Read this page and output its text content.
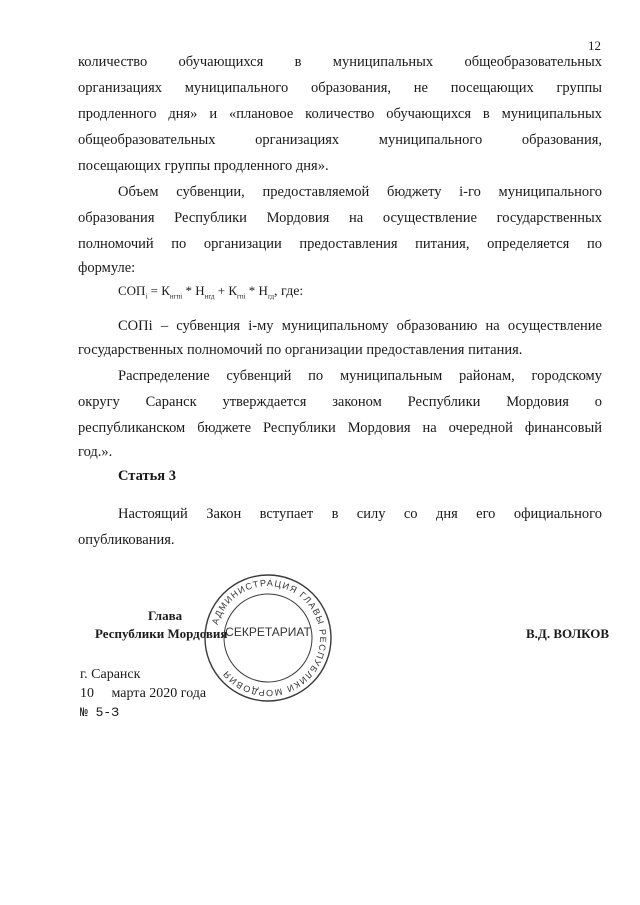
12
количество обучающихся в муниципальных общеобразовательных
организациях муниципального образования, не посещающих группы
продленного дня» и «плановое количество обучающихся в муниципальных
общеобразовательных организациях муниципального образования,
посещающих группы продленного дня».
Объем субвенции, предоставляемой бюджету i-го муниципального
образования Республики Мордовия на осуществление государственных
полномочий по организации предоставления питания, определяется по
формуле:
$СОП_i = К_{нгпi} * Н_{нгд} + К_{гпi} * Н_{гд}$, где:
СОПi – субвенция i-му муниципальному образованию на осуществление
государственных полномочий по организации предоставления питания.
Распределение субвенций по муниципальным районам, городскому
округу Саранск утверждается законом Республики Мордовия о
республиканском бюджете Республики Мордовия на очередной финансовый
год.».
Статья 3
Настоящий Закон вступает в силу со дня его официального
опубликования.
Глава
Республики Мордовия	В.Д. ВОЛКОВ
АДМИНИСТРАЦИЯ ГЛАВЫ РЕСПУБЛИКИ МОРДОВИЯ
СЕКРЕТАРИАТ
г. Саранск
10 марта 2020 года
№ 5-З
